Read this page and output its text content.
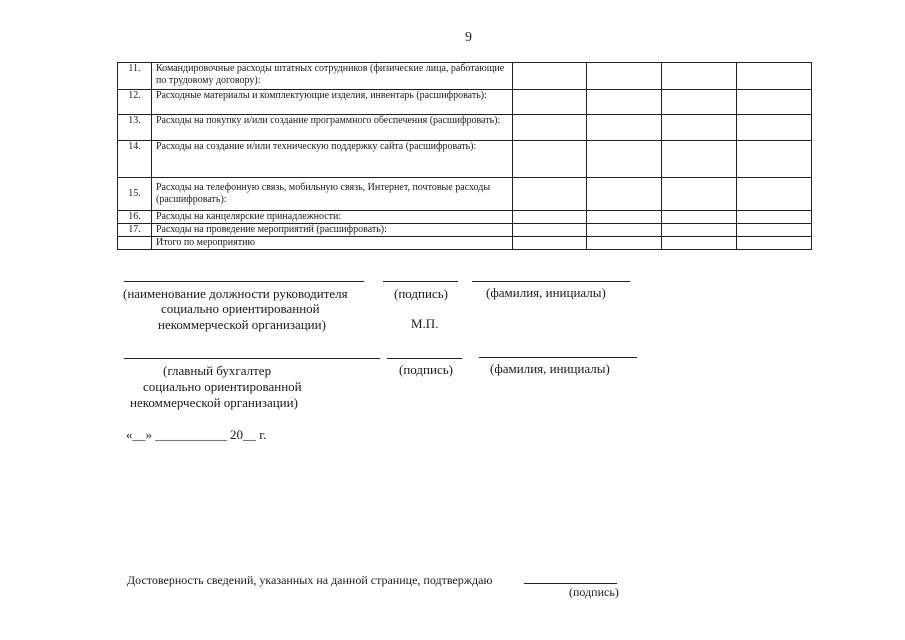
9
11.	Командировочные расходы штатных сотрудников (физические лица, работающие по трудовому договору):				
12.	Расходные материалы и комплектующие изделия, инвентарь (расшифровать):				
13.	Расходы на покупку и/или создание программного обеспечения (расшифровать):				
14.	Расходы на создание и/или техническую поддержку сайта (расшифровать):				
15.	Расходы на телефонную связь, мобильную связь, Интернет, почтовые расходы (расшифровать):				
16.	Расходы на канцелярские принадлежности:				
17.	Расходы на проведение мероприятий (расшифровать):				
	Итого по мероприятию				
(наименование должности руководителя
социально ориентированной
некоммерческой организации)
(подпись)	(фамилия, инициалы)
М.П.
(главный бухгалтер
социально ориентированной
некоммерческой организации)
(подпись)	(фамилия, инициалы)
«__» ___________ 20__ г.
Достоверность сведений, указанных на данной странице, подтверждаю
(подпись)
